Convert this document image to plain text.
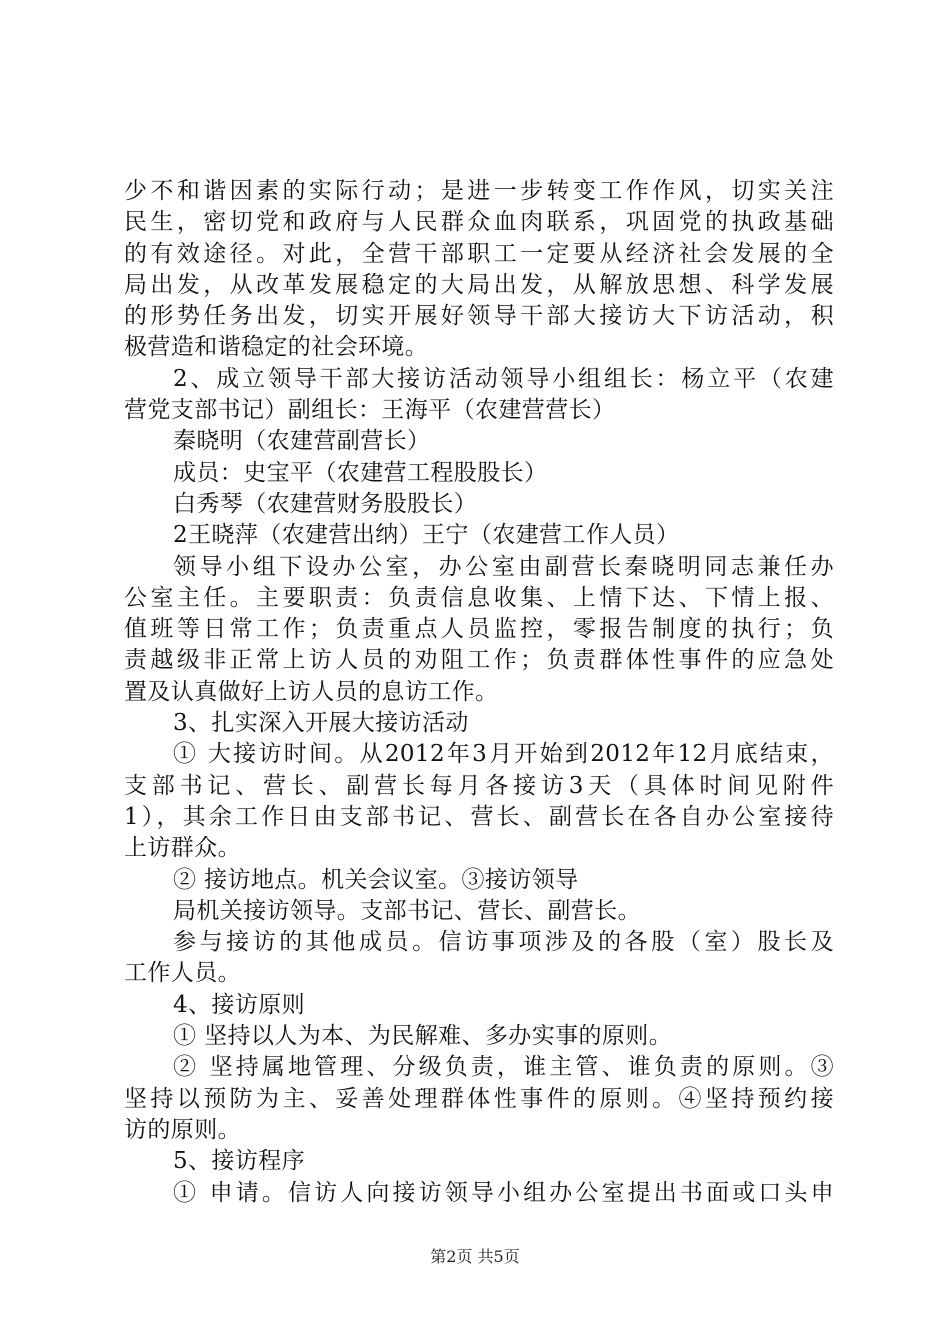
少不和谐因素的实际行动；是进一步转变工作作风，切实关注
民生，密切党和政府与人民群众血肉联系，巩固党的执政基础
的有效途径。对此，全营干部职工一定要从经济社会发展的全
局出发，从改革发展稳定的大局出发，从解放思想、科学发展
的形势任务出发，切实开展好领导干部大接访大下访活动，积
极营造和谐稳定的社会环境。
2、成立领导干部大接访活动领导小组组长：杨立平（农建
营党支部书记）副组长：王海平（农建营营长）
秦晓明（农建营副营长）
成员：史宝平（农建营工程股股长）
白秀琴（农建营财务股股长）
2王晓萍（农建营出纳）王宁（农建营工作人员）
领导小组下设办公室，办公室由副营长秦晓明同志兼任办
公室主任。主要职责：负责信息收集、上情下达、下情上报、
值班等日常工作；负责重点人员监控，零报告制度的执行；负
责越级非正常上访人员的劝阻工作；负责群体性事件的应急处
置及认真做好上访人员的息访工作。
3、扎实深入开展大接访活动
① 大接访时间。从2012年3月开始到2012年12月底结束，
支部书记、营长、副营长每月各接访3天（具体时间见附件
1），其余工作日由支部书记、营长、副营长在各自办公室接待
上访群众。
② 接访地点。机关会议室。③接访领导
局机关接访领导。支部书记、营长、副营长。
参与接访的其他成员。信访事项涉及的各股（室）股长及
工作人员。
4、接访原则
① 坚持以人为本、为民解难、多办实事的原则。
② 坚持属地管理、分级负责，谁主管、谁负责的原则。③
坚持以预防为主、妥善处理群体性事件的原则。④坚持预约接
访的原则。
5、接访程序
① 申请。信访人向接访领导小组办公室提出书面或口头申
第2页 共5页
